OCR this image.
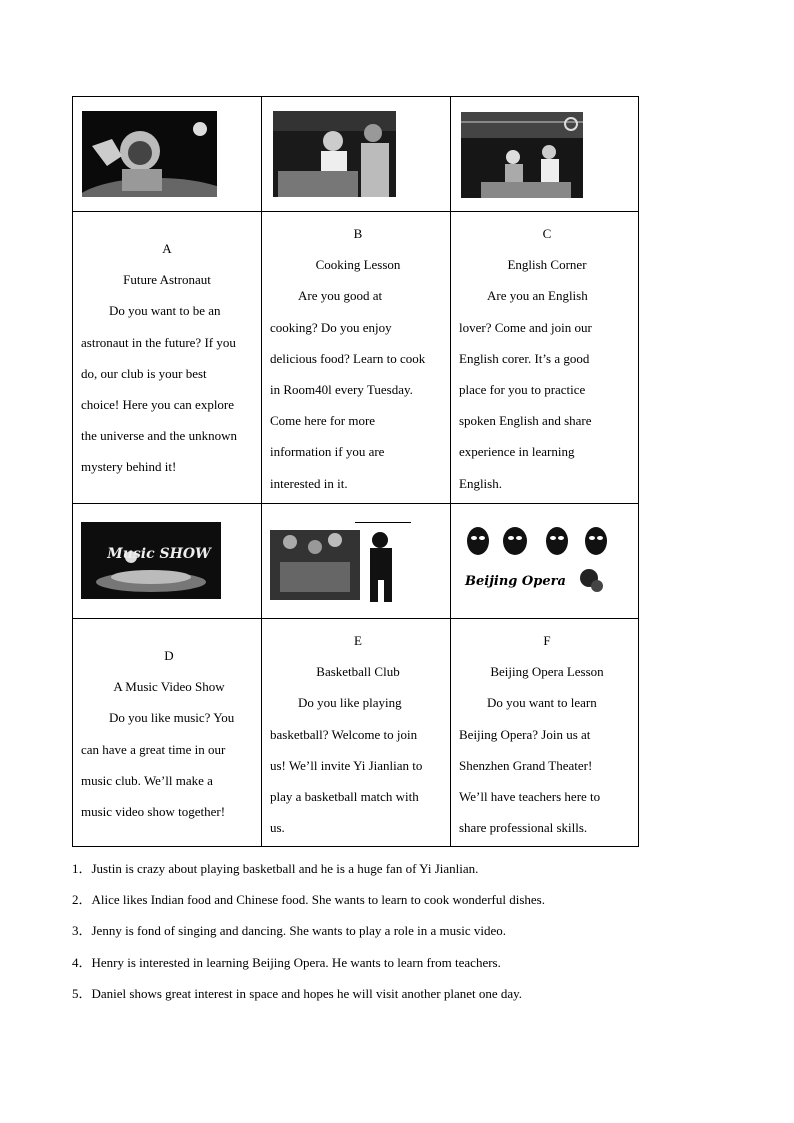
A
Future Astronaut
Do you want to be an
astronaut in the future? If you
do, our club is your best
choice! Here you can explore
the universe and the unknown
mystery behind it!
B
Cooking Lesson
Are you good at
cooking? Do you enjoy
delicious food? Learn to cook
in Room40l every Tuesday.
Come here for more
information if you are
interested in it.
C
English Corner
Are you an English
lover? Come and join our
English corer. It’s a good
place for you to practice
spoken English and share
experience in learning
English.
Music SHOW
Beijing Opera
D
A Music Video Show
Do you like music? You
can have a great time in our
music club. We’ll make a
music video show together!
E
Basketball Club
Do you like playing
basketball? Welcome to join
us! We’ll invite Yi Jianlian to
play a basketball match with
us.
F
Beijing Opera Lesson
Do you want to learn
Beijing Opera? Join us at
Shenzhen Grand Theater!
We’ll have teachers here to
share professional skills.
1．Justin is crazy about playing basketball and he is a huge fan of Yi Jianlian.
2．Alice likes Indian food and Chinese food. She wants to learn to cook wonderful dishes.
3．Jenny is fond of singing and dancing. She wants to play a role in a music video.
4．Henry is interested in learning Beijing Opera. He wants to learn from teachers.
5．Daniel shows great interest in space and hopes he will visit another planet one day.
